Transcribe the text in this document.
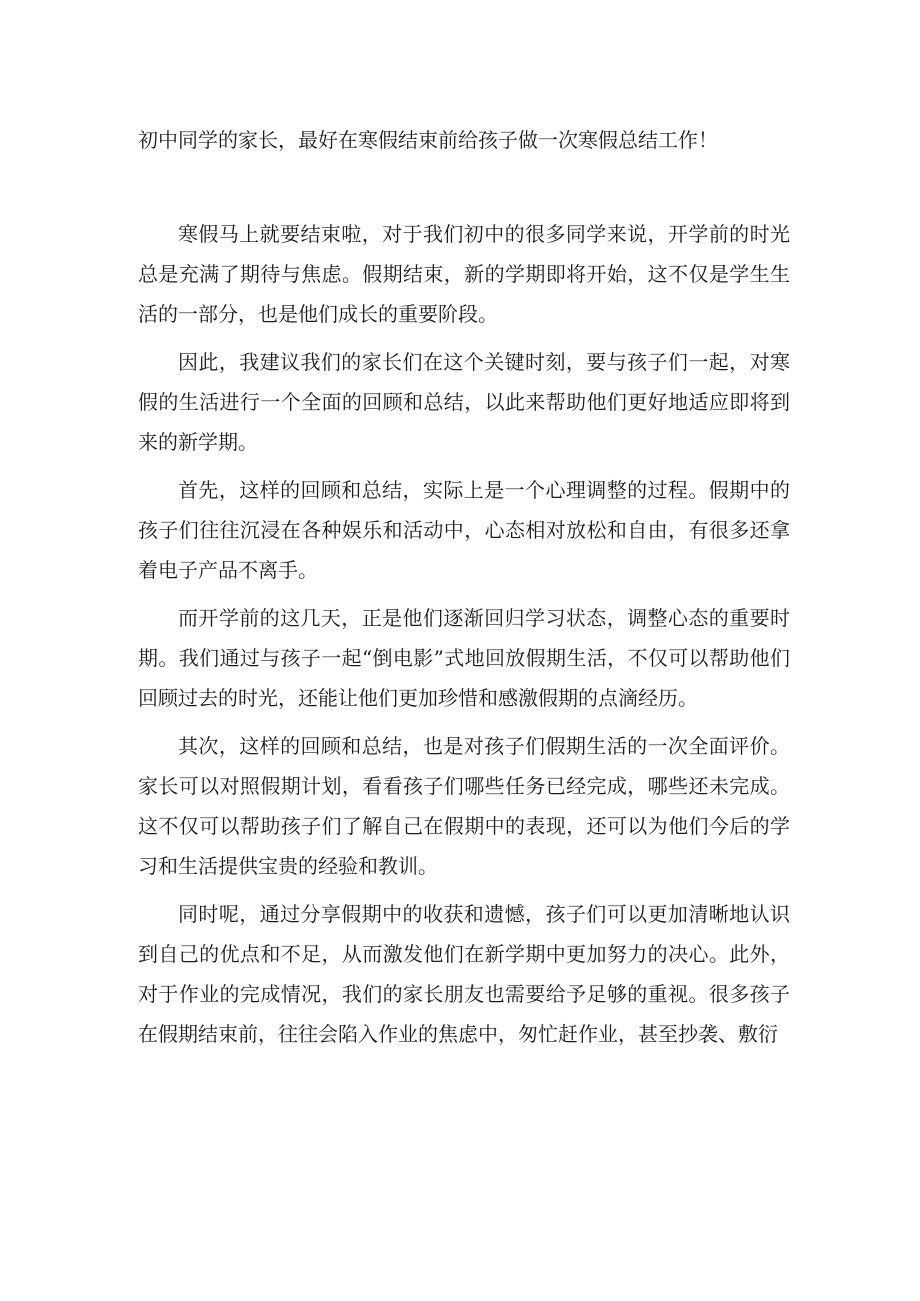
初中同学的家长，最好在寒假结束前给孩子做一次寒假总结工作！

寒假马上就要结束啦，对于我们初中的很多同学来说，开学前的时光总是充满了期待与焦虑。假期结束，新的学期即将开始，这不仅是学生生活的一部分，也是他们成长的重要阶段。

因此，我建议我们的家长们在这个关键时刻，要与孩子们一起，对寒假的生活进行一个全面的回顾和总结，以此来帮助他们更好地适应即将到来的新学期。

首先，这样的回顾和总结，实际上是一个心理调整的过程。假期中的孩子们往往沉浸在各种娱乐和活动中，心态相对放松和自由，有很多还拿着电子产品不离手。

而开学前的这几天，正是他们逐渐回归学习状态，调整心态的重要时期。我们通过与孩子一起“倒电影”式地回放假期生活，不仅可以帮助他们回顾过去的时光，还能让他们更加珍惜和感激假期的点滴经历。

其次，这样的回顾和总结，也是对孩子们假期生活的一次全面评价。家长可以对照假期计划，看看孩子们哪些任务已经完成，哪些还未完成。这不仅可以帮助孩子们了解自己在假期中的表现，还可以为他们今后的学习和生活提供宝贵的经验和教训。

同时呢，通过分享假期中的收获和遗憾，孩子们可以更加清晰地认识到自己的优点和不足，从而激发他们在新学期中更加努力的决心。此外，对于作业的完成情况，我们的家长朋友也需要给予足够的重视。很多孩子在假期结束前，往往会陷入作业的焦虑中，匆忙赶作业，甚至抄袭、敷衍
